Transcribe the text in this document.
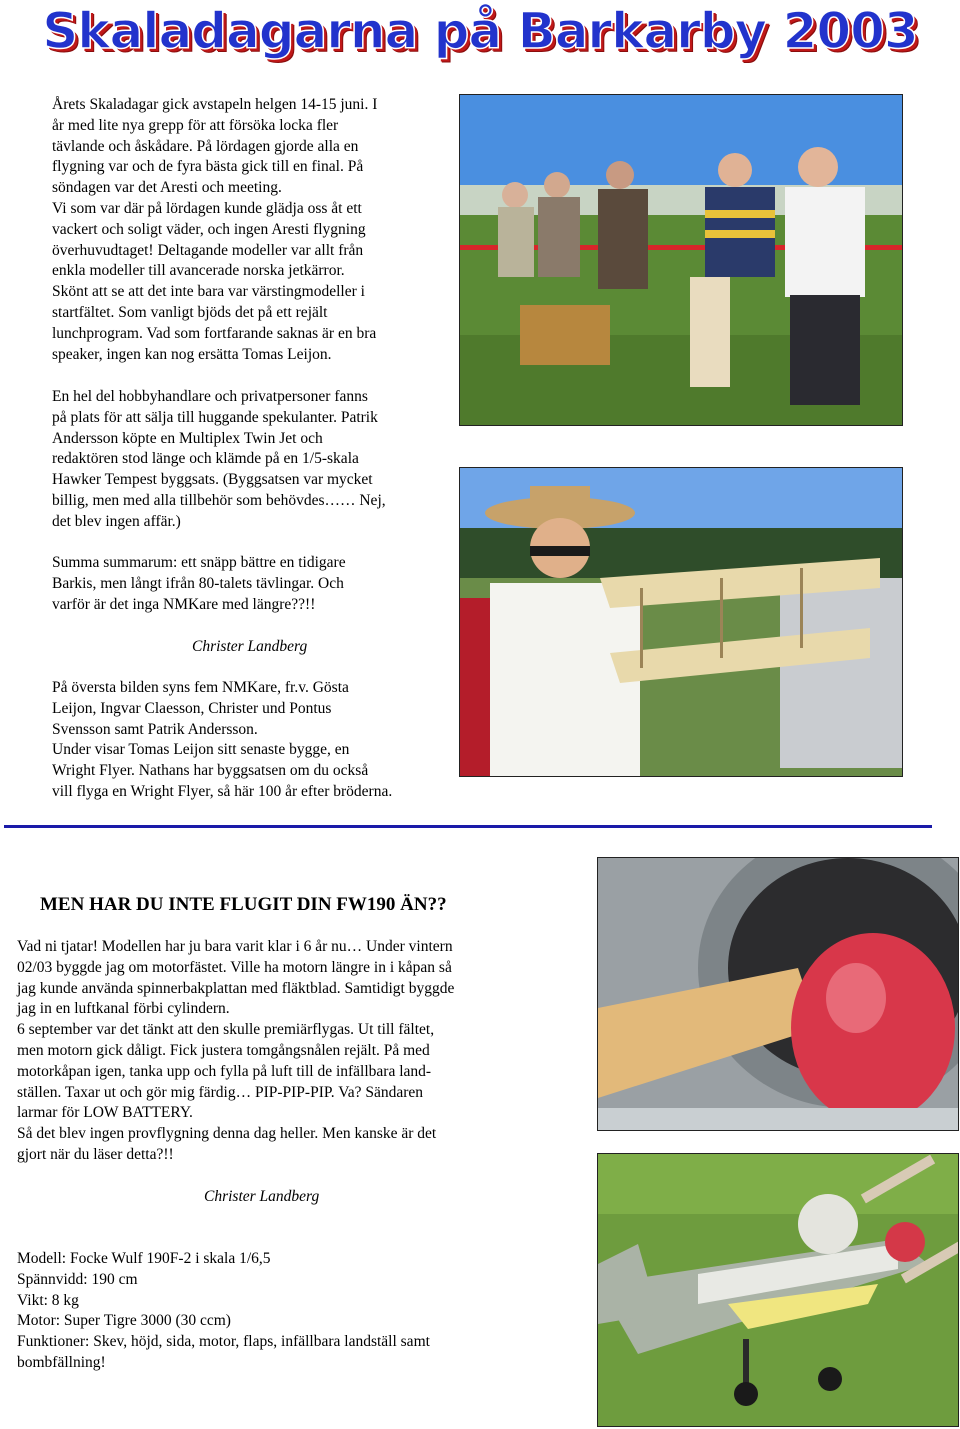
Skaladagarna på Barkarby 2003

Årets Skaladagar gick avstapeln helgen 14-15 juni. I
år med lite nya grepp för att försöka locka fler
tävlande och åskådare. På lördagen gjorde alla en
flygning var och de fyra bästa gick till en final. På
söndagen var det Aresti och meeting.
Vi som var där på lördagen kunde glädja oss åt ett
vackert och soligt väder, och ingen Aresti flygning
överhuvudtaget! Deltagande modeller var allt från
enkla modeller till avancerade norska jetkärror.
Skönt att se att det inte bara var värstingmodeller i
startfältet. Som vanligt bjöds det på ett rejält
lunchprogram. Vad som fortfarande saknas är en bra
speaker, ingen kan nog ersätta Tomas Leijon.

En hel del hobbyhandlare och privatpersoner fanns
på plats för att sälja till huggande spekulanter. Patrik
Andersson köpte en Multiplex Twin Jet och
redaktören stod länge och klämde på en 1/5-skala
Hawker Tempest byggsats. (Byggsatsen var mycket
billig, men med alla tillbehör som behövdes…… Nej,
det blev ingen affär.)

Summa summarum: ett snäpp bättre en tidigare
Barkis, men långt ifrån 80-talets tävlingar. Och
varför är det inga NMKare med längre??!!

Christer Landberg

På översta bilden syns fem NMKare, fr.v. Gösta
Leijon, Ingvar Claesson, Christer und Pontus
Svensson samt Patrik Andersson.
Under visar Tomas Leijon sitt senaste bygge, en
Wright Flyer. Nathans har byggsatsen om du också
vill flyga en Wright Flyer, så här 100 år efter bröderna.

MEN HAR DU INTE FLUGIT DIN FW190 ÄN??

Vad ni tjatar! Modellen har ju bara varit klar i 6 år nu… Under vintern
02/03 byggde jag om motorfästet. Ville ha motorn längre in i kåpan så
jag kunde använda spinnerbakplattan med fläktblad. Samtidigt byggde
jag in en luftkanal förbi cylindern.
6 september var det tänkt att den skulle premiärflygas. Ut till fältet,
men motorn gick dåligt. Fick justera tomgångsnålen rejält. På med
motorkåpan igen, tanka upp och fylla på luft till de infällbara land-
ställen. Taxar ut och gör mig färdig… PIP-PIP-PIP. Va? Sändaren
larmar för LOW BATTERY.
Så det blev ingen provflygning denna dag heller. Men kanske är det
gjort när du läser detta?!!

Christer Landberg

Modell: Focke Wulf 190F-2 i skala 1/6,5
Spännvidd: 190 cm
Vikt: 8 kg
Motor: Super Tigre 3000 (30 ccm)
Funktioner: Skev, höjd, sida, motor, flaps, infällbara landställ samt
bombfällning!
